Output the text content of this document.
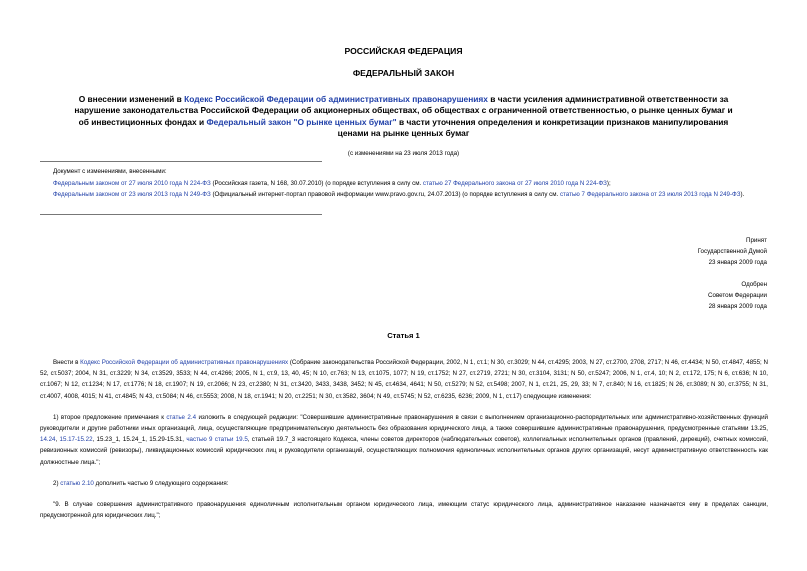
РОССИЙСКАЯ ФЕДЕРАЦИЯ
ФЕДЕРАЛЬНЫЙ ЗАКОН
О внесении изменений в Кодекс Российской Федерации об административных правонарушениях в части усиления административной ответственности за нарушение законодательства Российской Федерации об акционерных обществах, об обществах с ограниченной ответственностью, о рынке ценных бумаг и об инвестиционных фондах и Федеральный закон "О рынке ценных бумаг" в части уточнения определения и конкретизации признаков манипулирования ценами на рынке ценных бумаг
(с изменениями на 23 июля 2013 года)
Документ с изменениями, внесенными:
Федеральным законом от 27 июля 2010 года N 224-ФЗ (Российская газета, N 168, 30.07.2010) (о порядке вступления в силу см. статью 27 Федерального закона от 27 июля 2010 года N 224-ФЗ);
Федеральным законом от 23 июля 2013 года N 249-ФЗ (Официальный интернет-портал правовой информации www.pravo.gov.ru, 24.07.2013) (о порядке вступления в силу см. статью 7 Федерального закона от 23 июля 2013 года N 249-ФЗ).
Принят
Государственной Думой
23 января 2009 года
Одобрен
Советом Федерации
28 января 2009 года
Статья 1

Внести в Кодекс Российской Федерации об административных правонарушениях (Собрание законодательства Российской Федерации, 2002, N 1, ст.1; N 30, ст.3029; N 44, ст.4295; 2003, N 27, ст.2700, 2708, 2717; N 46, ст.4434; N 50, ст.4847, 4855; N 52, ст.5037; 2004, N 31, ст.3229; N 34, ст.3529, 3533; N 44, ст.4266; 2005, N 1, ст.9, 13, 40, 45; N 10, ст.763; N 13, ст.1075, 1077; N 19, ст.1752; N 27, ст.2719, 2721; N 30, ст.3104, 3131; N 50, ст.5247; 2006, N 1, ст.4, 10; N 2, ст.172, 175; N 6, ст.636; N 10, ст.1067; N 12, ст.1234; N 17, ст.1776; N 18, ст.1907; N 19, ст.2066; N 23, ст.2380; N 31, ст.3420, 3433, 3438, 3452; N 45, ст.4634, 4641; N 50, ст.5279; N 52, ст.5498; 2007, N 1, ст.21, 25, 29, 33; N 7, ст.840; N 16, ст.1825; N 26, ст.3089; N 30, ст.3755; N 31, ст.4007, 4008, 4015; N 41, ст.4845; N 43, ст.5084; N 46, ст.5553; 2008, N 18, ст.1941; N 20, ст.2251; N 30, ст.3582, 3604; N 49, ст.5745; N 52, ст.6235, 6236; 2009, N 1, ст.17) следующие изменения:

1) второе предложение примечания к статье 2.4 изложить в следующей редакции: "Совершившие административные правонарушения в связи с выполнением организационно-распорядительных или административно-хозяйственных функций руководители и другие работники иных организаций, лица, осуществляющие предпринимательскую деятельность без образования юридического лица, а также совершившие административные правонарушения, предусмотренные статьями 13.25, 14.24, 15.17-15.22, 15.23_1, 15.24_1, 15.29-15.31, частью 9 статьи 19.5, статьей 19.7_3 настоящего Кодекса, члены советов директоров (наблюдательных советов), коллегиальных исполнительных органов (правлений, дирекций), счетных комиссий, ревизионных комиссий (ревизоры), ликвидационных комиссий юридических лиц и руководители организаций, осуществляющих полномочия единоличных исполнительных органов других организаций, несут административную ответственность как должностные лица.";

2) статью 2.10 дополнить частью 9 следующего содержания:

"9. В случае совершения административного правонарушения единоличным исполнительным органом юридического лица, имеющим статус юридического лица, административное наказание назначается ему в пределах санкции, предусмотренной для юридических лиц.";
